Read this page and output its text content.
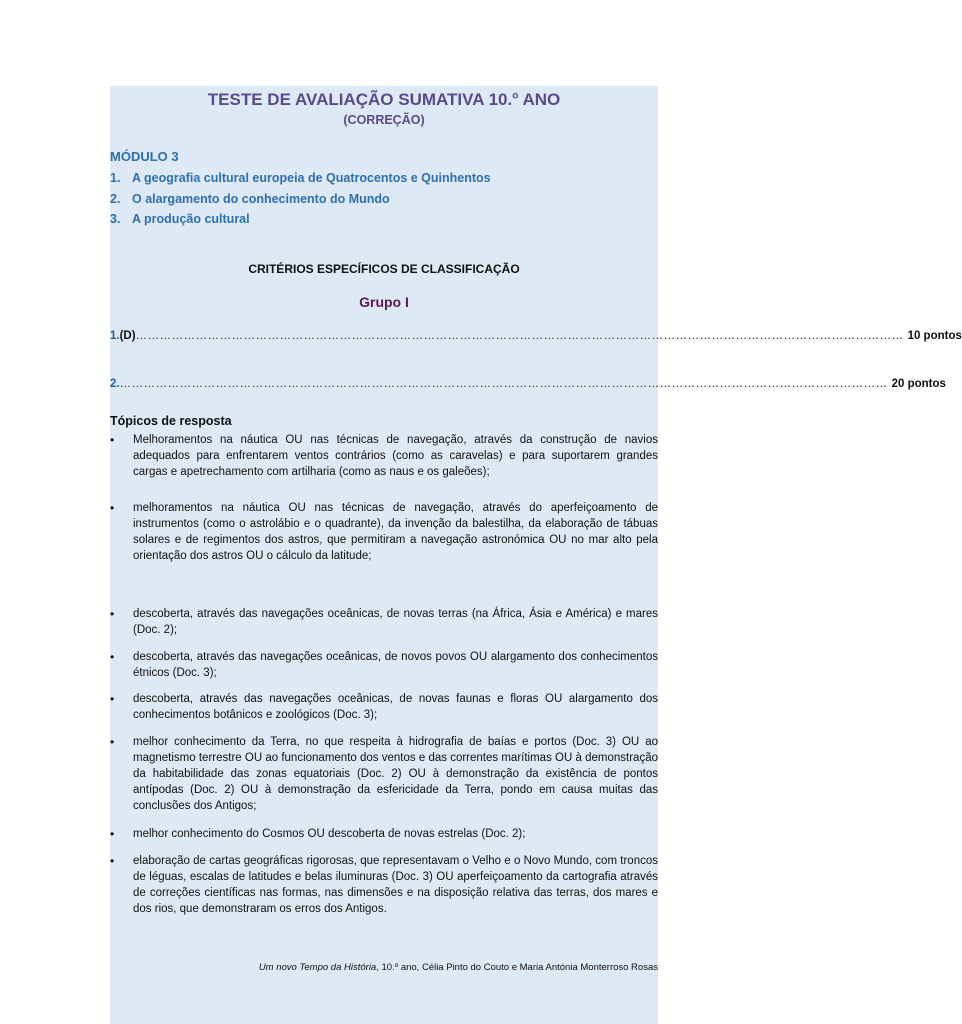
TESTE DE AVALIAÇÃO SUMATIVA 10.$^o$ ANO
(CORREÇÃO)
MÓDULO 3
1. A geografia cultural europeia de Quatrocentos e Quinhentos
2. O alargamento do conhecimento do Mundo
3. A produção cultural
CRITÉRIOS ESPECÍFICOS DE CLASSIFICAÇÃO
Grupo I
1. (D) ………………………………………………………………………………………………………………………………………………………………………… 10 pontos
2. ………………………………………………………………………………………………………………………………………………………………………… 20 pontos
Tópicos de resposta
• Melhoramentos na náutica OU nas técnicas de navegação, através da construção de navios adequados para enfrentarem ventos contrários (como as caravelas) e para suportarem grandes cargas e apetrechamento com artilharia (como as naus e os galeões);
• melhoramentos na náutica OU nas técnicas de navegação, através do aperfeiçoamento de instrumentos (como o astrolábio e o quadrante), da invenção da balestilha, da elaboração de tábuas solares e de regimentos dos astros, que permitiram a navegação astronómica OU no mar alto pela orientação dos astros OU o cálculo da latitude;
• descoberta, através das navegações oceânicas, de novas terras (na África, Ásia e América) e mares (Doc. 2);
• descoberta, através das navegações oceânicas, de novos povos OU alargamento dos conhecimentos étnicos (Doc. 3);
• descoberta, através das navegações oceânicas, de novas faunas e floras OU alargamento dos conhecimentos botânicos e zoológicos (Doc. 3);
• melhor conhecimento da Terra, no que respeita à hidrografia de baías e portos (Doc. 3) OU ao magnetismo terrestre OU ao funcionamento dos ventos e das correntes marítimas OU à demonstração da habitabilidade das zonas equatoriais (Doc. 2) OU à demonstração da existência de pontos antípodas (Doc. 2) OU à demonstração da esfericidade da Terra, pondo em causa muitas das conclusões dos Antigos;
• melhor conhecimento do Cosmos OU descoberta de novas estrelas (Doc. 2);
• elaboração de cartas geográficas rigorosas, que representavam o Velho e o Novo Mundo, com troncos de léguas, escalas de latitudes e belas iluminuras (Doc. 3) OU aperfeiçoamento da cartografia através de correções científicas nas formas, nas dimensões e na disposição relativa das terras, dos mares e dos rios, que demonstraram os erros dos Antigos.
Um novo Tempo da História, 10.º ano, Célia Pinto do Couto e Maria Antónia Monterroso Rosas
